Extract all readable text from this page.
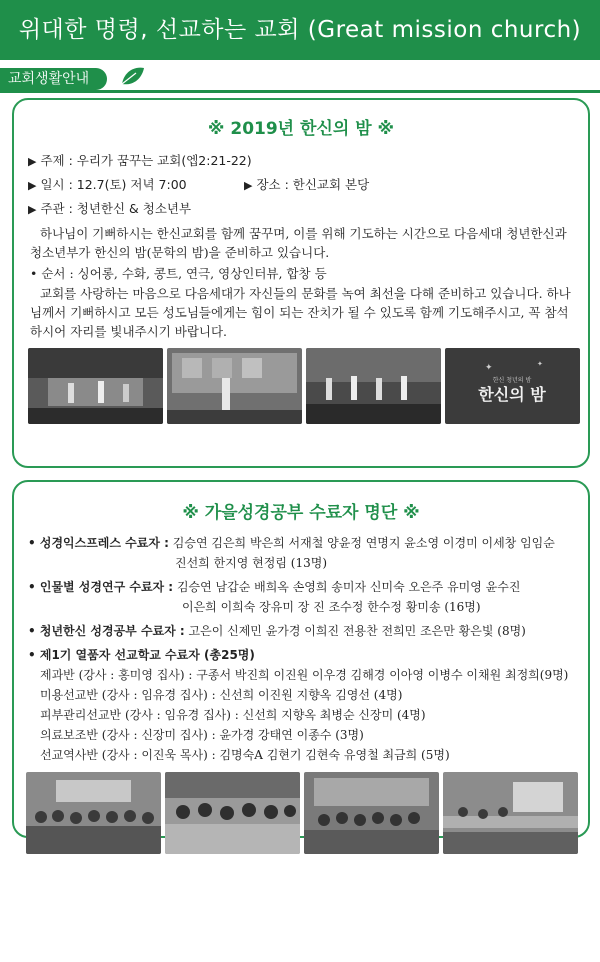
위대한 명령, 선교하는 교회 (Great mission church)
교회생활안내
※ 2019년 한신의 밤 ※
▶ 주제 : 우리가 꿈꾸는 교회(엡2:21-22)
▶ 일시 : 12.7(토) 저녁 7:00	▶ 장소 : 한신교회 본당
▶ 주관 : 청년한신 & 청소년부
하나님이 기뻐하시는 한신교회를 함께 꿈꾸며, 이를 위해 기도하는 시간으로 다음세대 청년한신과 청소년부가 한신의 밤(문학의 밤)을 준비하고 있습니다.
• 순서 : 싱어롱, 수화, 콩트, 연극, 영상인터뷰, 합창 등
교회를 사랑하는 마음으로 다음세대가 자신들의 문화를 녹여 최선을 다해 준비하고 있습니다. 하나님께서 기뻐하시고 모든 성도님들에게는 힘이 되는 잔치가 될 수 있도록 함께 기도해주시고, 꼭 참석하시어 자리를 빛내주시기 바랍니다.
✦	✦
한신 청년의 밤
한신의 밤
※ 가을성경공부 수료자 명단 ※
• 성경익스프레스 수료자 : 김승연 김은희 박은희 서재철 양윤정 연명지 윤소영 이경미 이세창 임임순
진선희 한지영 현정림 (13명)
• 인물별 성경연구 수료자 : 김승연 남갑순 배희옥 손영희 송미자 신미숙 오은주 유미영 윤수진
이은희 이희숙 장유미 장 진 조수정 한수정 황미송 (16명)
• 청년한신 성경공부 수료자 : 고은이 신제민 윤가경 이희진 전용찬 전희민 조은만 황은빛 (8명)
• 제1기 열품자 선교학교 수료자 (총25명)
제과반 (강사 : 홍미영 집사) : 구종서 박진희 이진원 이우경 김해경 이아영 이병수 이채원 최정희(9명)
미용선교반 (강사 : 임유경 집사) : 신선희 이진원 지향옥 김영선 (4명)
피부관리선교반 (강사 : 임유경 집사) : 신선희 지향옥 최병순 신장미 (4명)
의료보조반 (강사 : 신장미 집사) : 윤가경 강태연 이종수 (3명)
선교역사반 (강사 : 이진욱 목사) : 김명숙A 김현기 김현숙 유영철 최금희 (5명)
